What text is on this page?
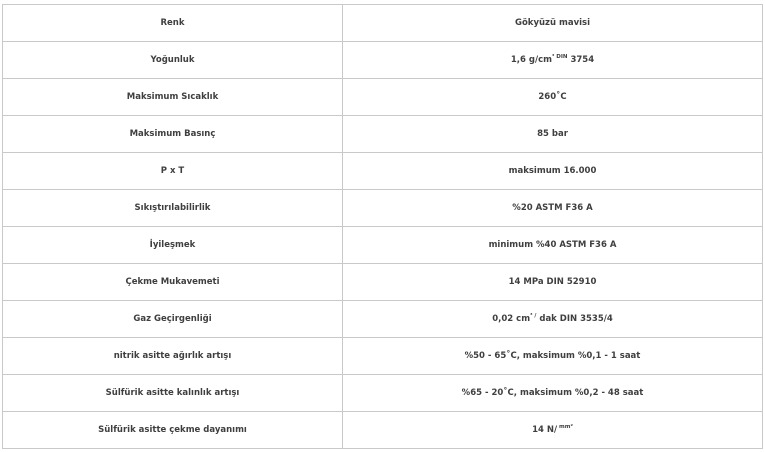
Renk	Gökyüzü mavisi
Yoğunluk	1,6 $g/cm^{^3 DIN}$ 3754
Maksimum Sıcaklık	260˚C
Maksimum Basınç	85 bar
P x T	maksimum 16.000
Sıkıştırılabilirlik	%20 ASTM F36 A
İyileşmek	minimum %40 ASTM F36 A
Çekme Mukavemeti	14 MPa DIN 52910
Gaz Geçirgenliği	0,02 $cm^{^3 /}$ dak DIN 3535/4
nitrik asitte ağırlık artışı	%50 - 65˚C, maksimum %0,1 - 1 saat
Sülfürik asitte kalınlık artışı	%65 - 20˚C, maksimum %0,2 - 48 saat
Sülfürik asitte çekme dayanımı	14 N/ $^{mm^2}$
